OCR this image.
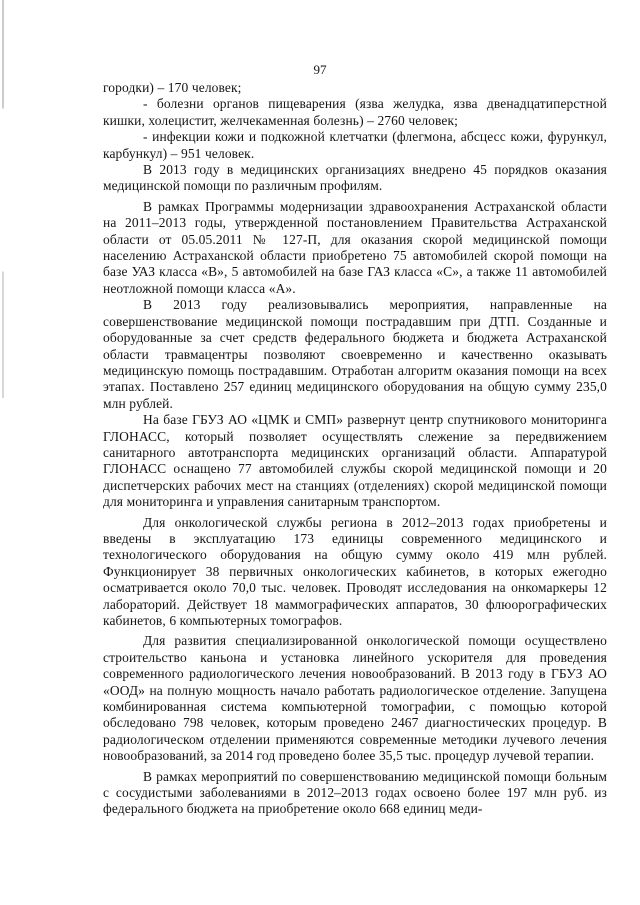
97

городки) – 170 человек;

- болезни органов пищеварения (язва желудка, язва двенадцатиперстной кишки, холецистит, желчекаменная болезнь) – 2760 человек;

- инфекции кожи и подкожной клетчатки (флегмона, абсцесс кожи, фурункул, карбункул) – 951 человек.

В 2013 году в медицинских организациях внедрено 45 порядков оказания медицинской помощи по различным профилям.

В рамках Программы модернизации здравоохранения Астраханской области на 2011–2013 годы, утвержденной постановлением Правительства Астраханской области от 05.05.2011 № 127-П, для оказания скорой медицинской помощи населению Астраханской области приобретено 75 автомобилей скорой помощи на базе УАЗ класса «В», 5 автомобилей на базе ГАЗ класса «С», а также 11 автомобилей неотложной помощи класса «А».

В 2013 году реализовывались мероприятия, направленные на совершенствование медицинской помощи пострадавшим при ДТП. Созданные и оборудованные за счет средств федерального бюджета и бюджета Астраханской области травмацентры позволяют своевременно и качественно оказывать медицинскую помощь пострадавшим. Отработан алгоритм оказания помощи на всех этапах. Поставлено 257 единиц медицинского оборудования на общую сумму 235,0 млн рублей.

На базе ГБУЗ АО «ЦМК и СМП» развернут центр спутникового мониторинга ГЛОНАСС, который позволяет осуществлять слежение за передвижением санитарного автотранспорта медицинских организаций области. Аппаратурой ГЛОНАСС оснащено 77 автомобилей службы скорой медицинской помощи и 20 диспетчерских рабочих мест на станциях (отделениях) скорой медицинской помощи для мониторинга и управления санитарным транспортом.

Для онкологической службы региона в 2012–2013 годах приобретены и введены в эксплуатацию 173 единицы современного медицинского и технологического оборудования на общую сумму около 419 млн рублей. Функционирует 38 первичных онкологических кабинетов, в которых ежегодно осматривается около 70,0 тыс. человек. Проводят исследования на онкомаркеры 12 лабораторий. Действует 18 маммографических аппаратов, 30 флюорографических кабинетов, 6 компьютерных томографов.

Для развития специализированной онкологической помощи осуществлено строительство каньона и установка линейного ускорителя для проведения современного радиологического лечения новообразований. В 2013 году в ГБУЗ АО «ООД» на полную мощность начало работать радиологическое отделение. Запущена комбинированная система компьютерной томографии, с помощью которой обследовано 798 человек, которым проведено 2467 диагностических процедур. В радиологическом отделении применяются современные методики лучевого лечения новообразований, за 2014 год проведено более 35,5 тыс. процедур лучевой терапии.

В рамках мероприятий по совершенствованию медицинской помощи больным с сосудистыми заболеваниями в 2012–2013 годах освоено более 197 млн руб. из федерального бюджета на приобретение около 668 единиц меди-
